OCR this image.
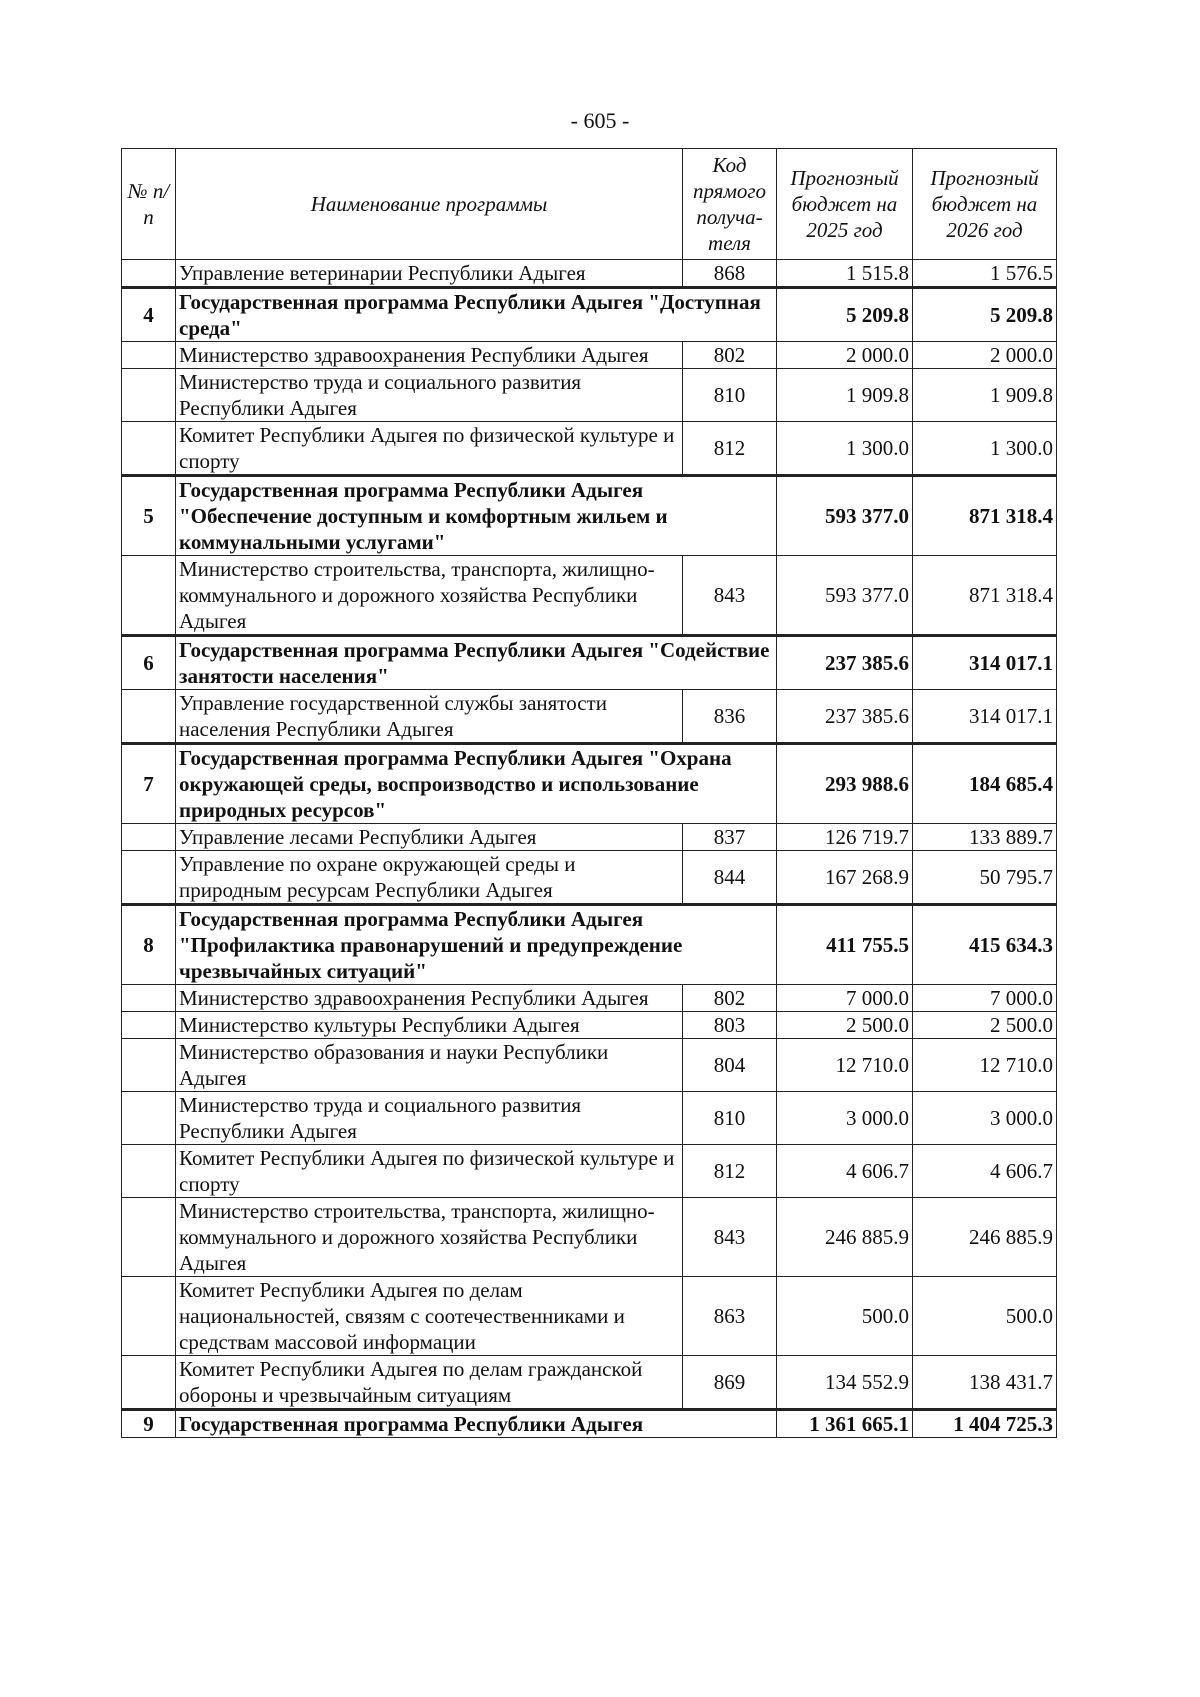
- 605 -
№ п/п	Наименование программы	Код прямого получа-теля	Прогнозный бюджет на 2025 год	Прогнозный бюджет на 2026 год
	Управление ветеринарии Республики Адыгея	868	1 515.8	1 576.5
4	Государственная программа Республики Адыгея "Доступная среда"		5 209.8	5 209.8
	Министерство здравоохранения Республики Адыгея	802	2 000.0	2 000.0
	Министерство труда и социального развития Республики Адыгея	810	1 909.8	1 909.8
	Комитет Республики Адыгея по физической культуре и спорту	812	1 300.0	1 300.0
5	Государственная программа Республики Адыгея "Обеспечение доступным и комфортным жильем и коммунальными услугами"		593 377.0	871 318.4
	Министерство строительства, транспорта, жилищно-коммунального и дорожного хозяйства Республики Адыгея	843	593 377.0	871 318.4
6	Государственная программа Республики Адыгея "Содействие занятости населения"		237 385.6	314 017.1
	Управление государственной службы занятости населения Республики Адыгея	836	237 385.6	314 017.1
7	Государственная программа Республики Адыгея "Охрана окружающей среды, воспроизводство и использование природных ресурсов"		293 988.6	184 685.4
	Управление лесами Республики Адыгея	837	126 719.7	133 889.7
	Управление по охране окружающей среды и природным ресурсам Республики Адыгея	844	167 268.9	50 795.7
8	Государственная программа Республики Адыгея "Профилактика правонарушений и предупреждение чрезвычайных ситуаций"		411 755.5	415 634.3
	Министерство здравоохранения Республики Адыгея	802	7 000.0	7 000.0
	Министерство культуры Республики Адыгея	803	2 500.0	2 500.0
	Министерство образования и науки Республики Адыгея	804	12 710.0	12 710.0
	Министерство труда и социального развития Республики Адыгея	810	3 000.0	3 000.0
	Комитет Республики Адыгея по физической культуре и спорту	812	4 606.7	4 606.7
	Министерство строительства, транспорта, жилищно-коммунального и дорожного хозяйства Республики Адыгея	843	246 885.9	246 885.9
	Комитет Республики Адыгея по делам национальностей, связям с соотечественниками и средствам массовой информации	863	500.0	500.0
	Комитет Республики Адыгея по делам гражданской обороны и чрезвычайным ситуациям	869	134 552.9	138 431.7
9	Государственная программа Республики Адыгея		1 361 665.1	1 404 725.3
